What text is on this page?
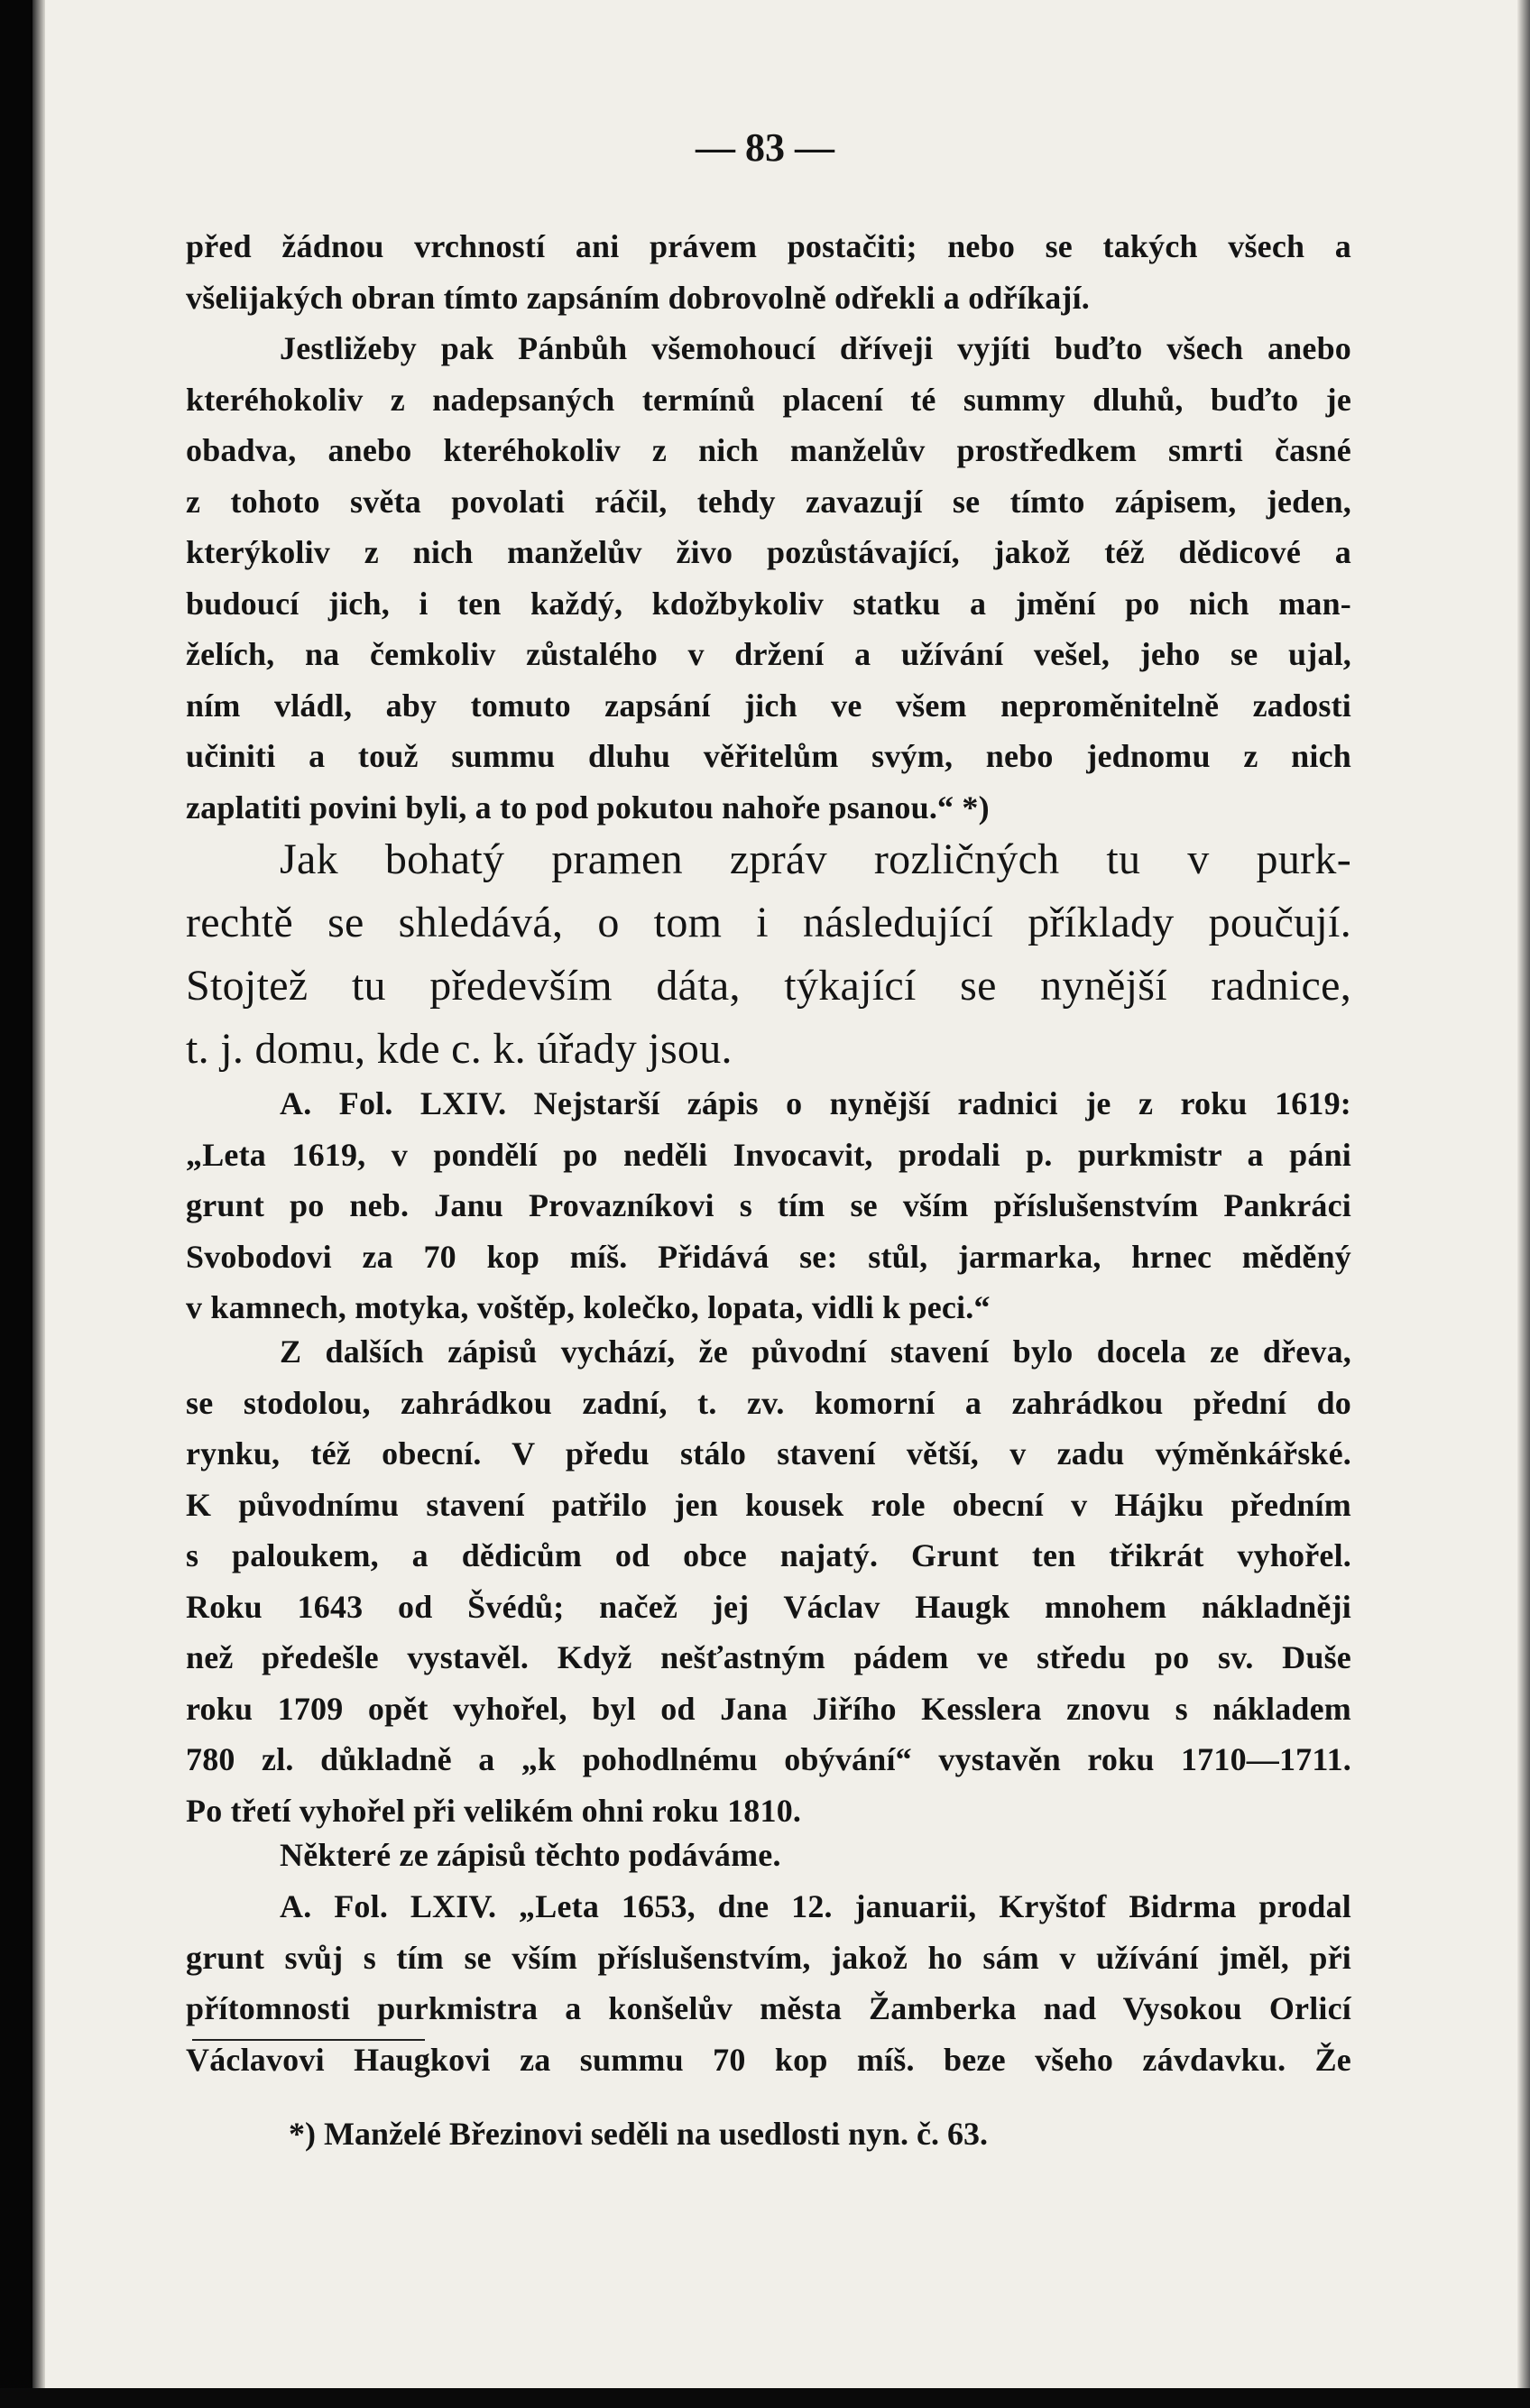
— 83 —
před žádnou vrchností ani právem postačiti; nebo se takých všech a
všelijakých obran tímto zapsáním dobrovolně odřekli a odříkají.
Jestližeby pak Pánbůh všemohoucí dříveji vyjíti buďto všech anebo
kteréhokoliv z nadepsaných termínů placení té summy dluhů, buďto je
obadva, anebo kteréhokoliv z nich manželův prostředkem smrti časné
z tohoto světa povolati ráčil, tehdy zavazují se tímto zápisem, jeden,
kterýkoliv z nich manželův živo pozůstávající, jakož též dědicové a
budoucí jich, i ten každý, kdožbykoliv statku a jmění po nich man-
želích, na čemkoliv zůstalého v držení a užívání vešel, jeho se ujal,
ním vládl, aby tomuto zapsání jich ve všem neproměnitelně zadosti
učiniti a touž summu dluhu věřitelům svým, nebo jednomu z nich
zaplatiti povini byli, a to pod pokutou nahoře psanou.“ *)
Jak bohatý pramen zpráv rozličných tu v purk-
rechtě se shledává, o tom i následující příklady poučují.
Stojtež tu především dáta, týkající se nynější radnice,
t. j. domu, kde c. k. úřady jsou.
A. Fol. LXIV. Nejstarší zápis o nynější radnici je z roku 1619:
„Leta 1619, v pondělí po neděli Invocavit, prodali p. purkmistr a páni
grunt po neb. Janu Provazníkovi s tím se vším příslušenstvím Pankráci
Svobodovi za 70 kop míš. Přidává se: stůl, jarmarka, hrnec měděný
v kamnech, motyka, voštěp, kolečko, lopata, vidli k peci.“
Z dalších zápisů vychází, že původní stavení bylo docela ze dřeva,
se stodolou, zahrádkou zadní, t. zv. komorní a zahrádkou přední do
rynku, též obecní. V předu stálo stavení větší, v zadu výměnkářské.
K původnímu stavení patřilo jen kousek role obecní v Hájku předním
s paloukem, a dědicům od obce najatý. Grunt ten třikrát vyhořel.
Roku 1643 od Švédů; načež jej Václav Haugk mnohem nákladněji
než předešle vystavěl. Když nešťastným pádem ve středu po sv. Duše
roku 1709 opět vyhořel, byl od Jana Jiřího Kesslera znovu s nákladem
780 zl. důkladně a „k pohodlnému obývání“ vystavěn roku 1710—1711.
Po třetí vyhořel při velikém ohni roku 1810.
Některé ze zápisů těchto podáváme.
A. Fol. LXIV. „Leta 1653, dne 12. januarii, Kryštof Bidrma prodal
grunt svůj s tím se vším příslušenstvím, jakož ho sám v užívání jměl, při
přítomnosti purkmistra a konšelův města Žamberka nad Vysokou Orlicí
Václavovi Haugkovi za summu 70 kop míš. beze všeho závdavku. Že
*) Manželé Březinovi seděli na usedlosti nyn. č. 63.
